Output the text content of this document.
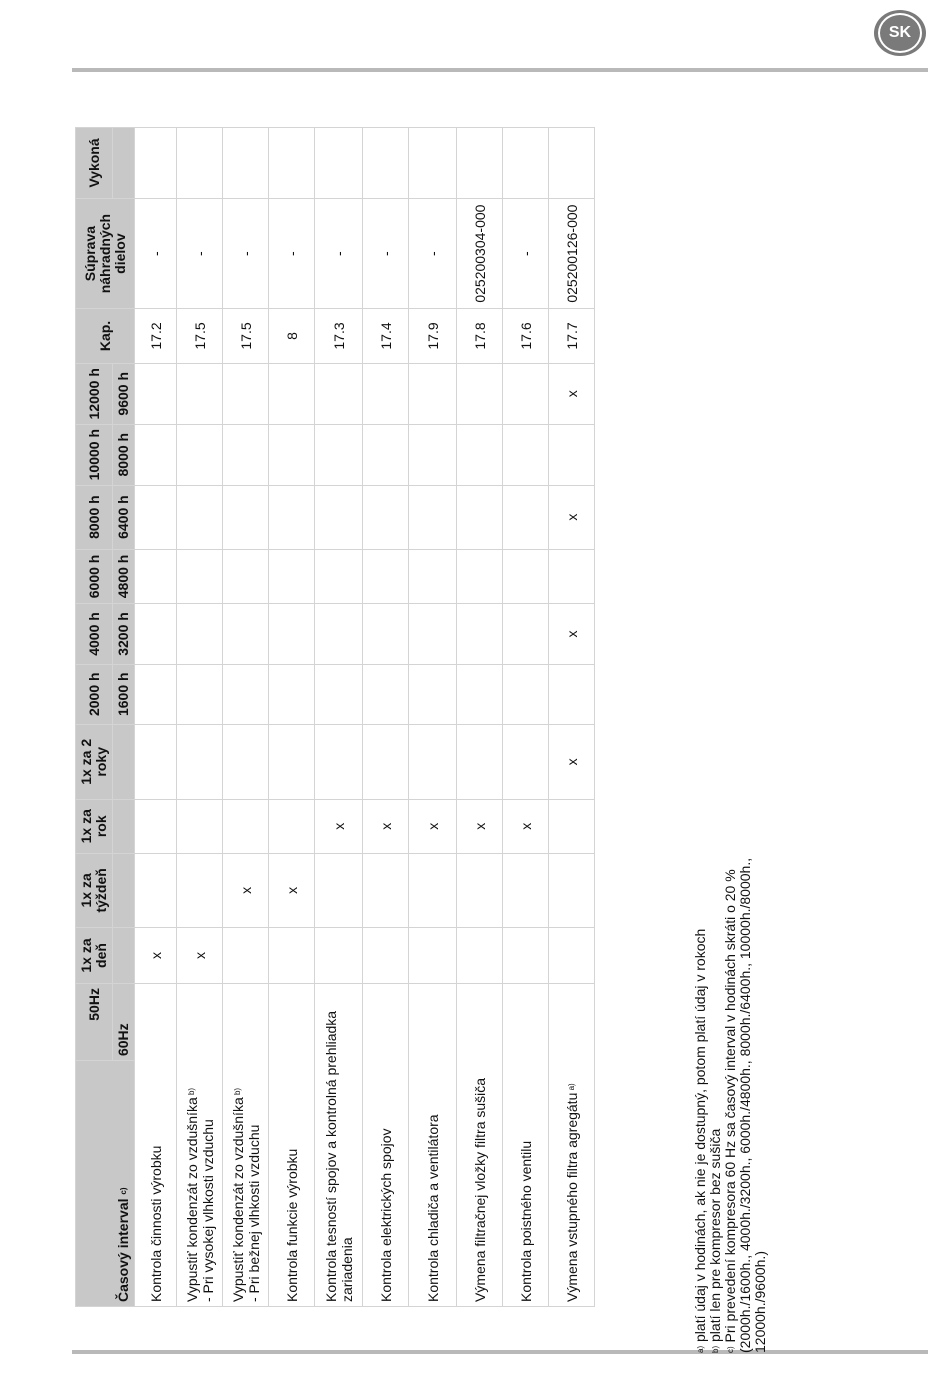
SK
Časový interval $^{c)}$	50Hz	1x za deň	1x za týždeň	1x za rok	1x za 2 roky	2000 h	4000 h	6000 h	8000 h	10000 h	12000 h	Kap.	Súprava náhradných dielov	Vykoná
	60Hz					1600 h	3200 h	4800 h	6400 h	8000 h	9600 h			
Kontrola činnosti výrobku		x										17.2	-	
Vypustiť kondenzát zo vzdušníka $^{b)}$
- Pri vysokej vlhkosti vzduchu		x										17.5	-	
Vypustiť kondenzát zo vzdušníka $^{b)}$
- Pri bežnej vlhkosti vzduchu			x									17.5	-	
Kontrola funkcie výrobku			x									8	-	
Kontrola tesností spojov a kontrolná prehliadka zariadenia				x								17.3	-	
Kontrola elektrických spojov				x								17.4	-	
Kontrola chladiča a ventilátora				x								17.9	-	
Výmena filtračnej vložky filtra sušiča				x								17.8	025200304-000	
Kontrola poistného ventilu				x								17.6	-	
Výmena vstupného filtra agregátu $^{a)}$					x		x		x		x	17.7	025200126-000	

$^{a)}$ platí údaj v hodinách, ak nie je dostupný, potom platí údaj v rokoch

$^{b)}$ platí len pre kompresor bez sušiča

$^{c)}$ Pri prevedení kompresora 60 Hz sa časový interval v hodinách skráti o 20 % (2000h./1600h., 4000h./3200h., 6000h./4800h., 8000h./6400h., 10000h./8000h., 12000h./9600h.)
